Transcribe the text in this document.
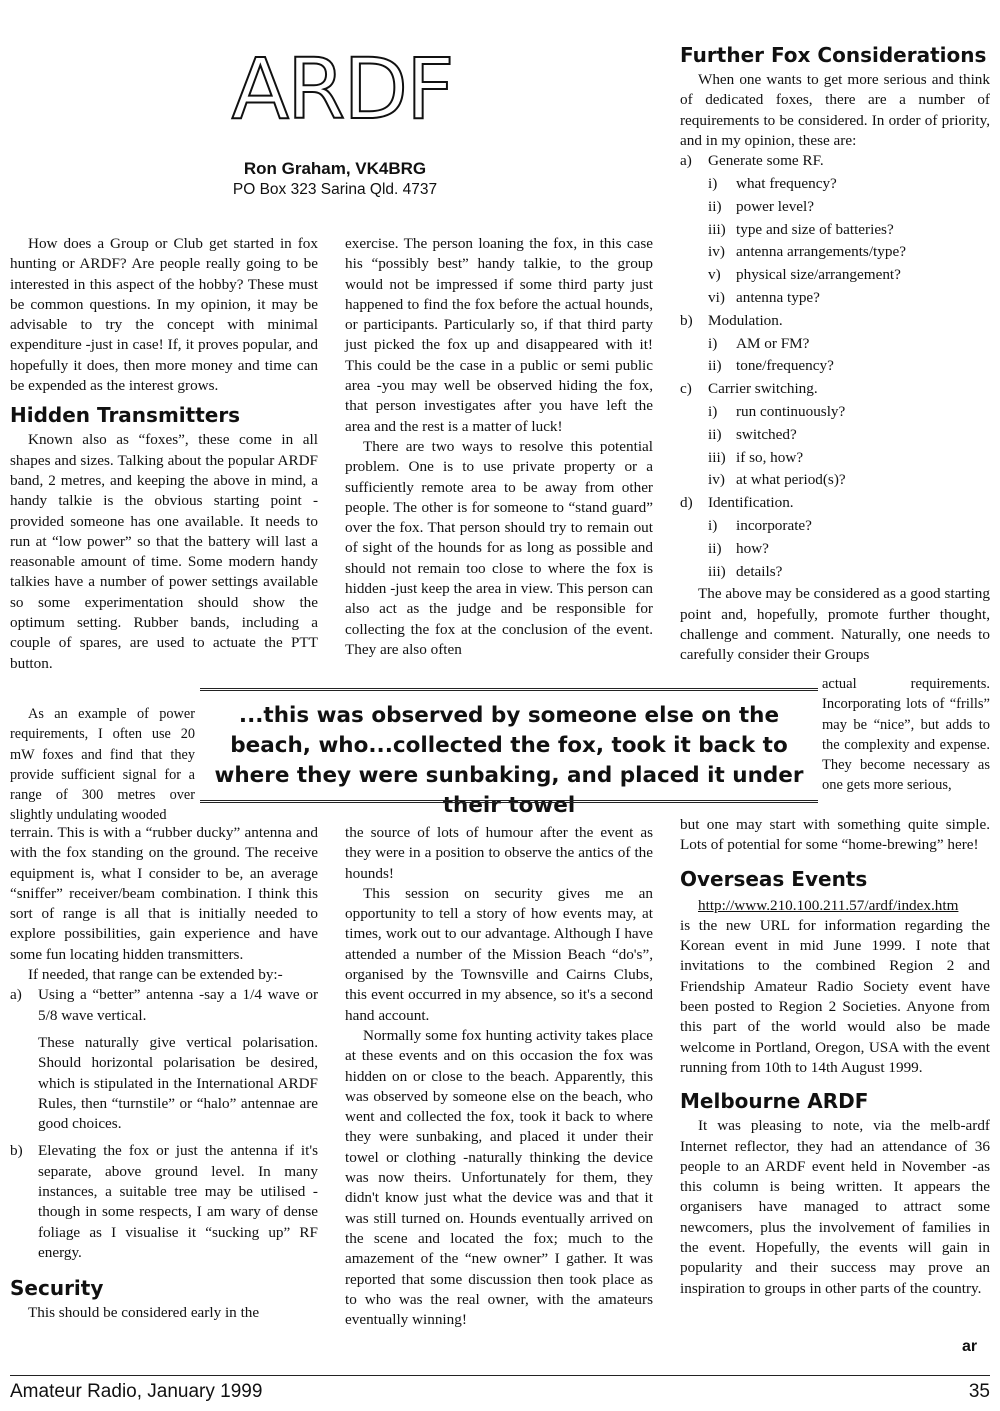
ARDF
Ron Graham, VK4BRG
PO Box 323 Sarina Qld. 4737

How does a Group or Club get started in fox hunting or ARDF? Are people really going to be interested in this aspect of the hobby? These must be common questions. In my opinion, it may be advisable to try the concept with minimal expenditure -just in case! If, it proves popular, and hopefully it does, then more money and time can be expended as the interest grows.

Hidden Transmitters

Known also as “foxes”, these come in all shapes and sizes. Talking about the popular ARDF band, 2 metres, and keeping the above in mind, a handy talkie is the obvious starting point -provided someone has one available. It needs to run at “low power” so that the battery will last a reasonable amount of time. Some modern handy talkies have a number of power settings available so some experimentation should show the optimum setting. Rubber bands, including a couple of spares, are used to actuate the PTT button.

As an example of power requirements, I often use 20 mW foxes and find that they provide sufficient signal for a range of 300 metres over slightly undulating wooded

terrain. This is with a “rubber ducky” antenna and with the fox standing on the ground. The receive equipment is, what I consider to be, an average “sniffer” receiver/beam combination. I think this sort of range is all that is initially needed to explore possibilities, gain experience and have some fun locating hidden transmitters.

If needed, that range can be extended by:-

a) Using a “better” antenna -say a 1/4 wave or 5/8 wave vertical.

These naturally give vertical polarisation. Should horizontal polarisation be desired, which is stipulated in the International ARDF Rules, then “turnstile” or “halo” antennae are good choices.

b) Elevating the fox or just the antenna if it's separate, above ground level. In many instances, a suitable tree may be utilised -though in some respects, I am wary of dense foliage as I visualise it “sucking up” RF energy.

Security

This should be considered early in the

exercise. The person loaning the fox, in this case his “possibly best” handy talkie, to the group would not be impressed if some third party just happened to find the fox before the actual hounds, or participants. Particularly so, if that third party just picked the fox up and disappeared with it! This could be the case in a public or semi public area -you may well be observed hiding the fox, that person investigates after you have left the area and the rest is a matter of luck!

There are two ways to resolve this potential problem. One is to use private property or a sufficiently remote area to be away from other people. The other is for someone to “stand guard” over the fox. That person should try to remain out of sight of the hounds for as long as possible and should not remain too close to where the fox is hidden -just keep the area in view. This person can also act as the judge and be responsible for collecting the fox at the conclusion of the event. They are also often

...this was observed by someone else on the beach, who...collected the fox, took it back to where they were sunbaking, and placed it under their towel

the source of lots of humour after the event as they were in a position to observe the antics of the hounds!

This session on security gives me an opportunity to tell a story of how events may, at times, work out to our advantage. Although I have attended a number of the Mission Beach “do's”, organised by the Townsville and Cairns Clubs, this event occurred in my absence, so it's a second hand account.

Normally some fox hunting activity takes place at these events and on this occasion the fox was hidden on or close to the beach. Apparently, this was observed by someone else on the beach, who went and collected the fox, took it back to where they were sunbaking, and placed it under their towel or clothing -naturally thinking the device was now theirs. Unfortunately for them, they didn't know just what the device was and that it was still turned on. Hounds eventually arrived on the scene and located the fox; much to the amazement of the “new owner” I gather. It was reported that some discussion then took place as to who was the real owner, with the amateurs eventually winning!

Further Fox Considerations

When one wants to get more serious and think of dedicated foxes, there are a number of requirements to be considered. In order of priority, and in my opinion, these are:

a) Generate some RF.
i) what frequency?
ii) power level?
iii) type and size of batteries?
iv) antenna arrangements/type?
v) physical size/arrangement?
vi) antenna type?
b) Modulation.
i) AM or FM?
ii) tone/frequency?
c) Carrier switching.
i) run continuously?
ii) switched?
iii) if so, how?
iv) at what period(s)?
d) Identification.
i) incorporate?
ii) how?
iii) details?

The above may be considered as a good starting point and, hopefully, promote further thought, challenge and comment. Naturally, one needs to carefully consider their Groups

actual requirements. Incorporating lots of “frills” may be “nice”, but adds to the complexity and expense. They become necessary as one gets more serious,

but one may start with something quite simple. Lots of potential for some “home-brewing” here!

Overseas Events

http://www.210.100.211.57/ardf/index.htm

is the new URL for information regarding the Korean event in mid June 1999. I note that invitations to the combined Region 2 and Friendship Amateur Radio Society event have been posted to Region 2 Societies. Anyone from this part of the world would also be made welcome in Portland, Oregon, USA with the event running from 10th to 14th August 1999.

Melbourne ARDF

It was pleasing to note, via the melb-ardf Internet reflector, they had an attendance of 36 people to an ARDF event held in November -as this column is being written. It appears the organisers have managed to attract some newcomers, plus the involvement of families in the event. Hopefully, the events will gain in popularity and their success may prove an inspiration to groups in other parts of the country.

ar
Amateur Radio, January 1999	35
